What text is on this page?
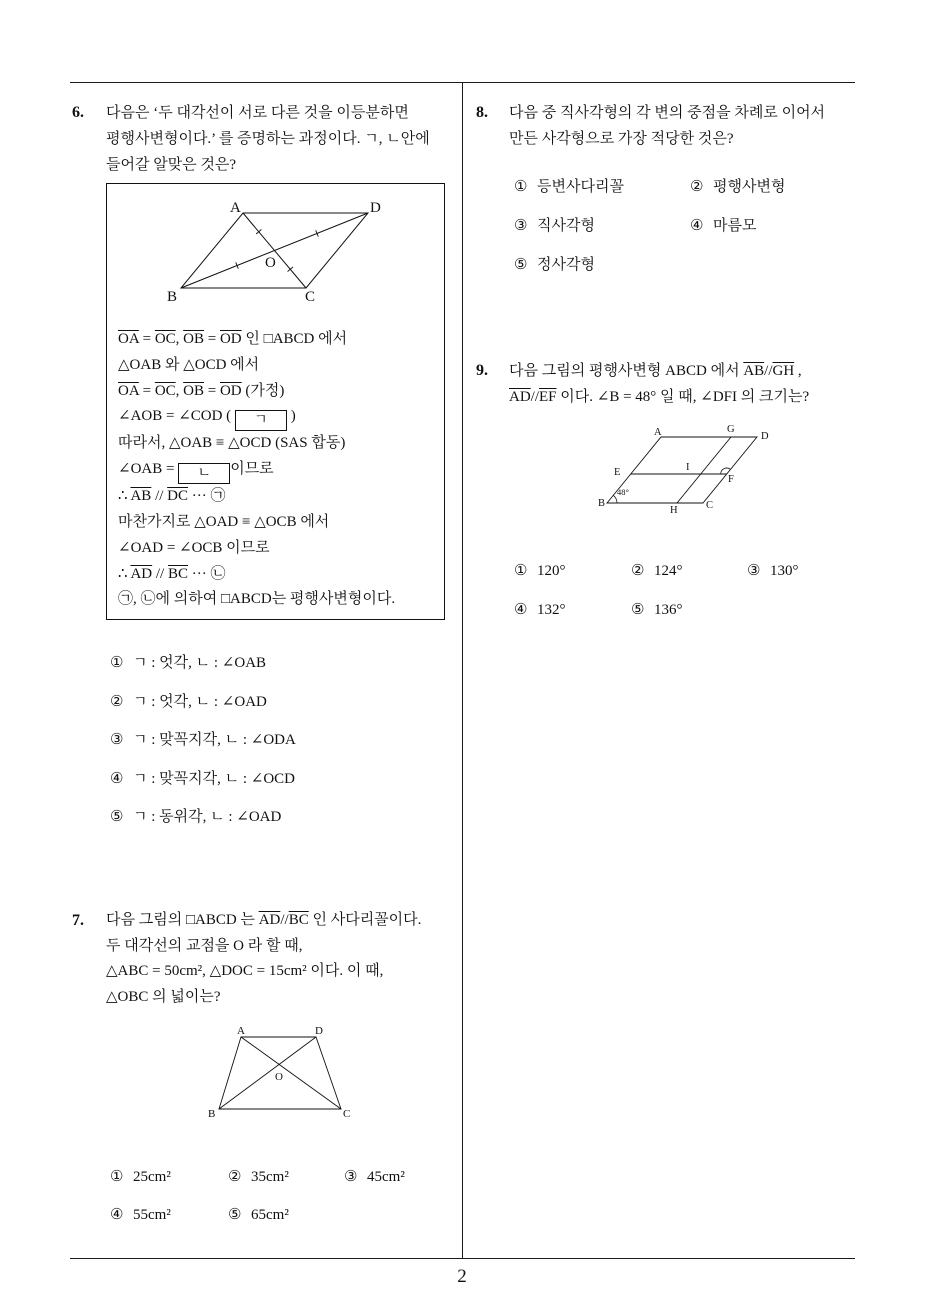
2
6. 다음은 ‘두 대각선이 서로 다른 것을 이등분하면
평행사변형이다.’ 를 증명하는 과정이다. ㄱ, ㄴ안에
들어갈 알맞은 것은?
A	D
O
B	C
$\overline{OA} = \overline{OC}$, $\overline{OB} = \overline{OD}$ 인 □ABCD 에서
△OAB 와 △OCD 에서
$\overline{OA} = \overline{OC}$, $\overline{OB} = \overline{OD}$ (가정)
∠AOB = ∠COD ( ㄱ )
따라서, △OAB ≡ △OCD (SAS 합동)
∠OAB = ㄴ 이므로
∴ $\overline{AB} // \overline{DC}$ ··· ㉠
마찬가지로 △OAD ≡ △OCB 에서
∠OAD = ∠OCB 이므로
∴ $\overline{AD} // \overline{BC}$ ··· ㉡
㉠, ㉡에 의하여 □ABCD는 평행사변형이다.
① ㄱ : 엇각, ㄴ : ∠OAB
② ㄱ : 엇각, ㄴ : ∠OAD
③ ㄱ : 맞꼭지각, ㄴ : ∠ODA
④ ㄱ : 맞꼭지각, ㄴ : ∠OCD
⑤ ㄱ : 동위각, ㄴ : ∠OAD
7. 다음 그림의 □ABCD 는 $\overline{AD}//\overline{BC}$ 인 사다리꼴이다.
두 대각선의 교점을 O 라 할 때,
△ABC = 50cm², △DOC = 15cm² 이다. 이 때,
△OBC 의 넓이는?
A	D
O
B	C
① 25cm²	② 35cm²	③ 45cm²
④ 55cm²	⑤ 65cm²
8. 다음 중 직사각형의 각 변의 중점을 차례로 이어서
만든 사각형으로 가장 적당한 것은?
① 등변사다리꼴	② 평행사변형
③ 직사각형	④ 마름모
⑤ 정사각형
9. 다음 그림의 평행사변형 ABCD 에서 $\overline{AB}//\overline{GH}$ ,
$\overline{AD}//\overline{EF}$ 이다. ∠B = 48° 일 때, ∠DFI 의 크기는?
A	G
D
E	I
F
B
48°
H	C
① 120°	② 124°	③ 130°
④ 132°	⑤ 136°
